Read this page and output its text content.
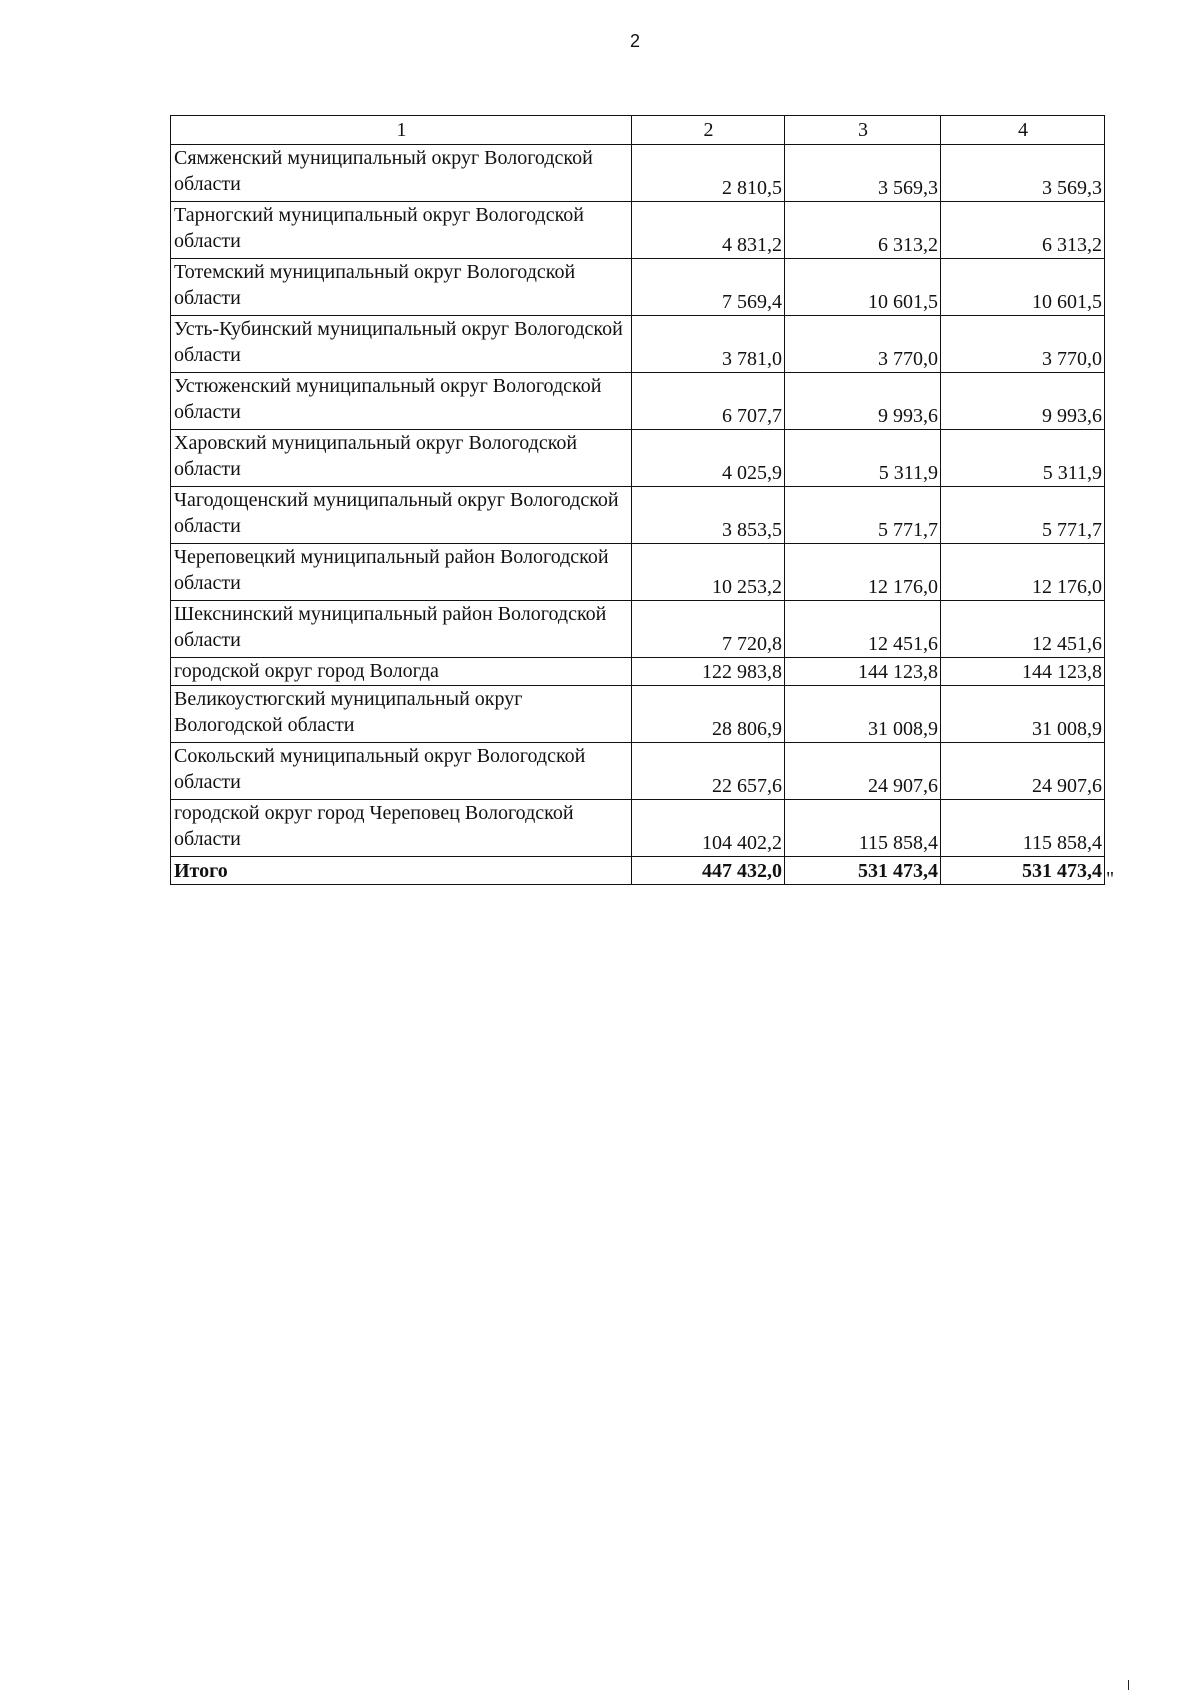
2
1	2	3	4
Сямженский муниципальный округ Вологодской области	2 810,5	3 569,3	3 569,3
Тарногский муниципальный округ Вологодской области	4 831,2	6 313,2	6 313,2
Тотемский муниципальный округ Вологодской области	7 569,4	10 601,5	10 601,5
Усть-Кубинский муниципальный округ Вологодской области	3 781,0	3 770,0	3 770,0
Устюженский муниципальный округ Вологодской области	6 707,7	9 993,6	9 993,6
Харовский муниципальный округ Вологодской области	4 025,9	5 311,9	5 311,9
Чагодощенский муниципальный округ Вологодской области	3 853,5	5 771,7	5 771,7
Череповецкий муниципальный район Вологодской области	10 253,2	12 176,0	12 176,0
Шекснинский муниципальный район Вологодской области	7 720,8	12 451,6	12 451,6
городской округ город Вологда	122 983,8	144 123,8	144 123,8
Великоустюгский муниципальный округ Вологодской области	28 806,9	31 008,9	31 008,9
Сокольский муниципальный округ Вологодской области	22 657,6	24 907,6	24 907,6
городской округ город Череповец Вологодской области	104 402,2	115 858,4	115 858,4
Итого	447 432,0	531 473,4	531 473,4 "
